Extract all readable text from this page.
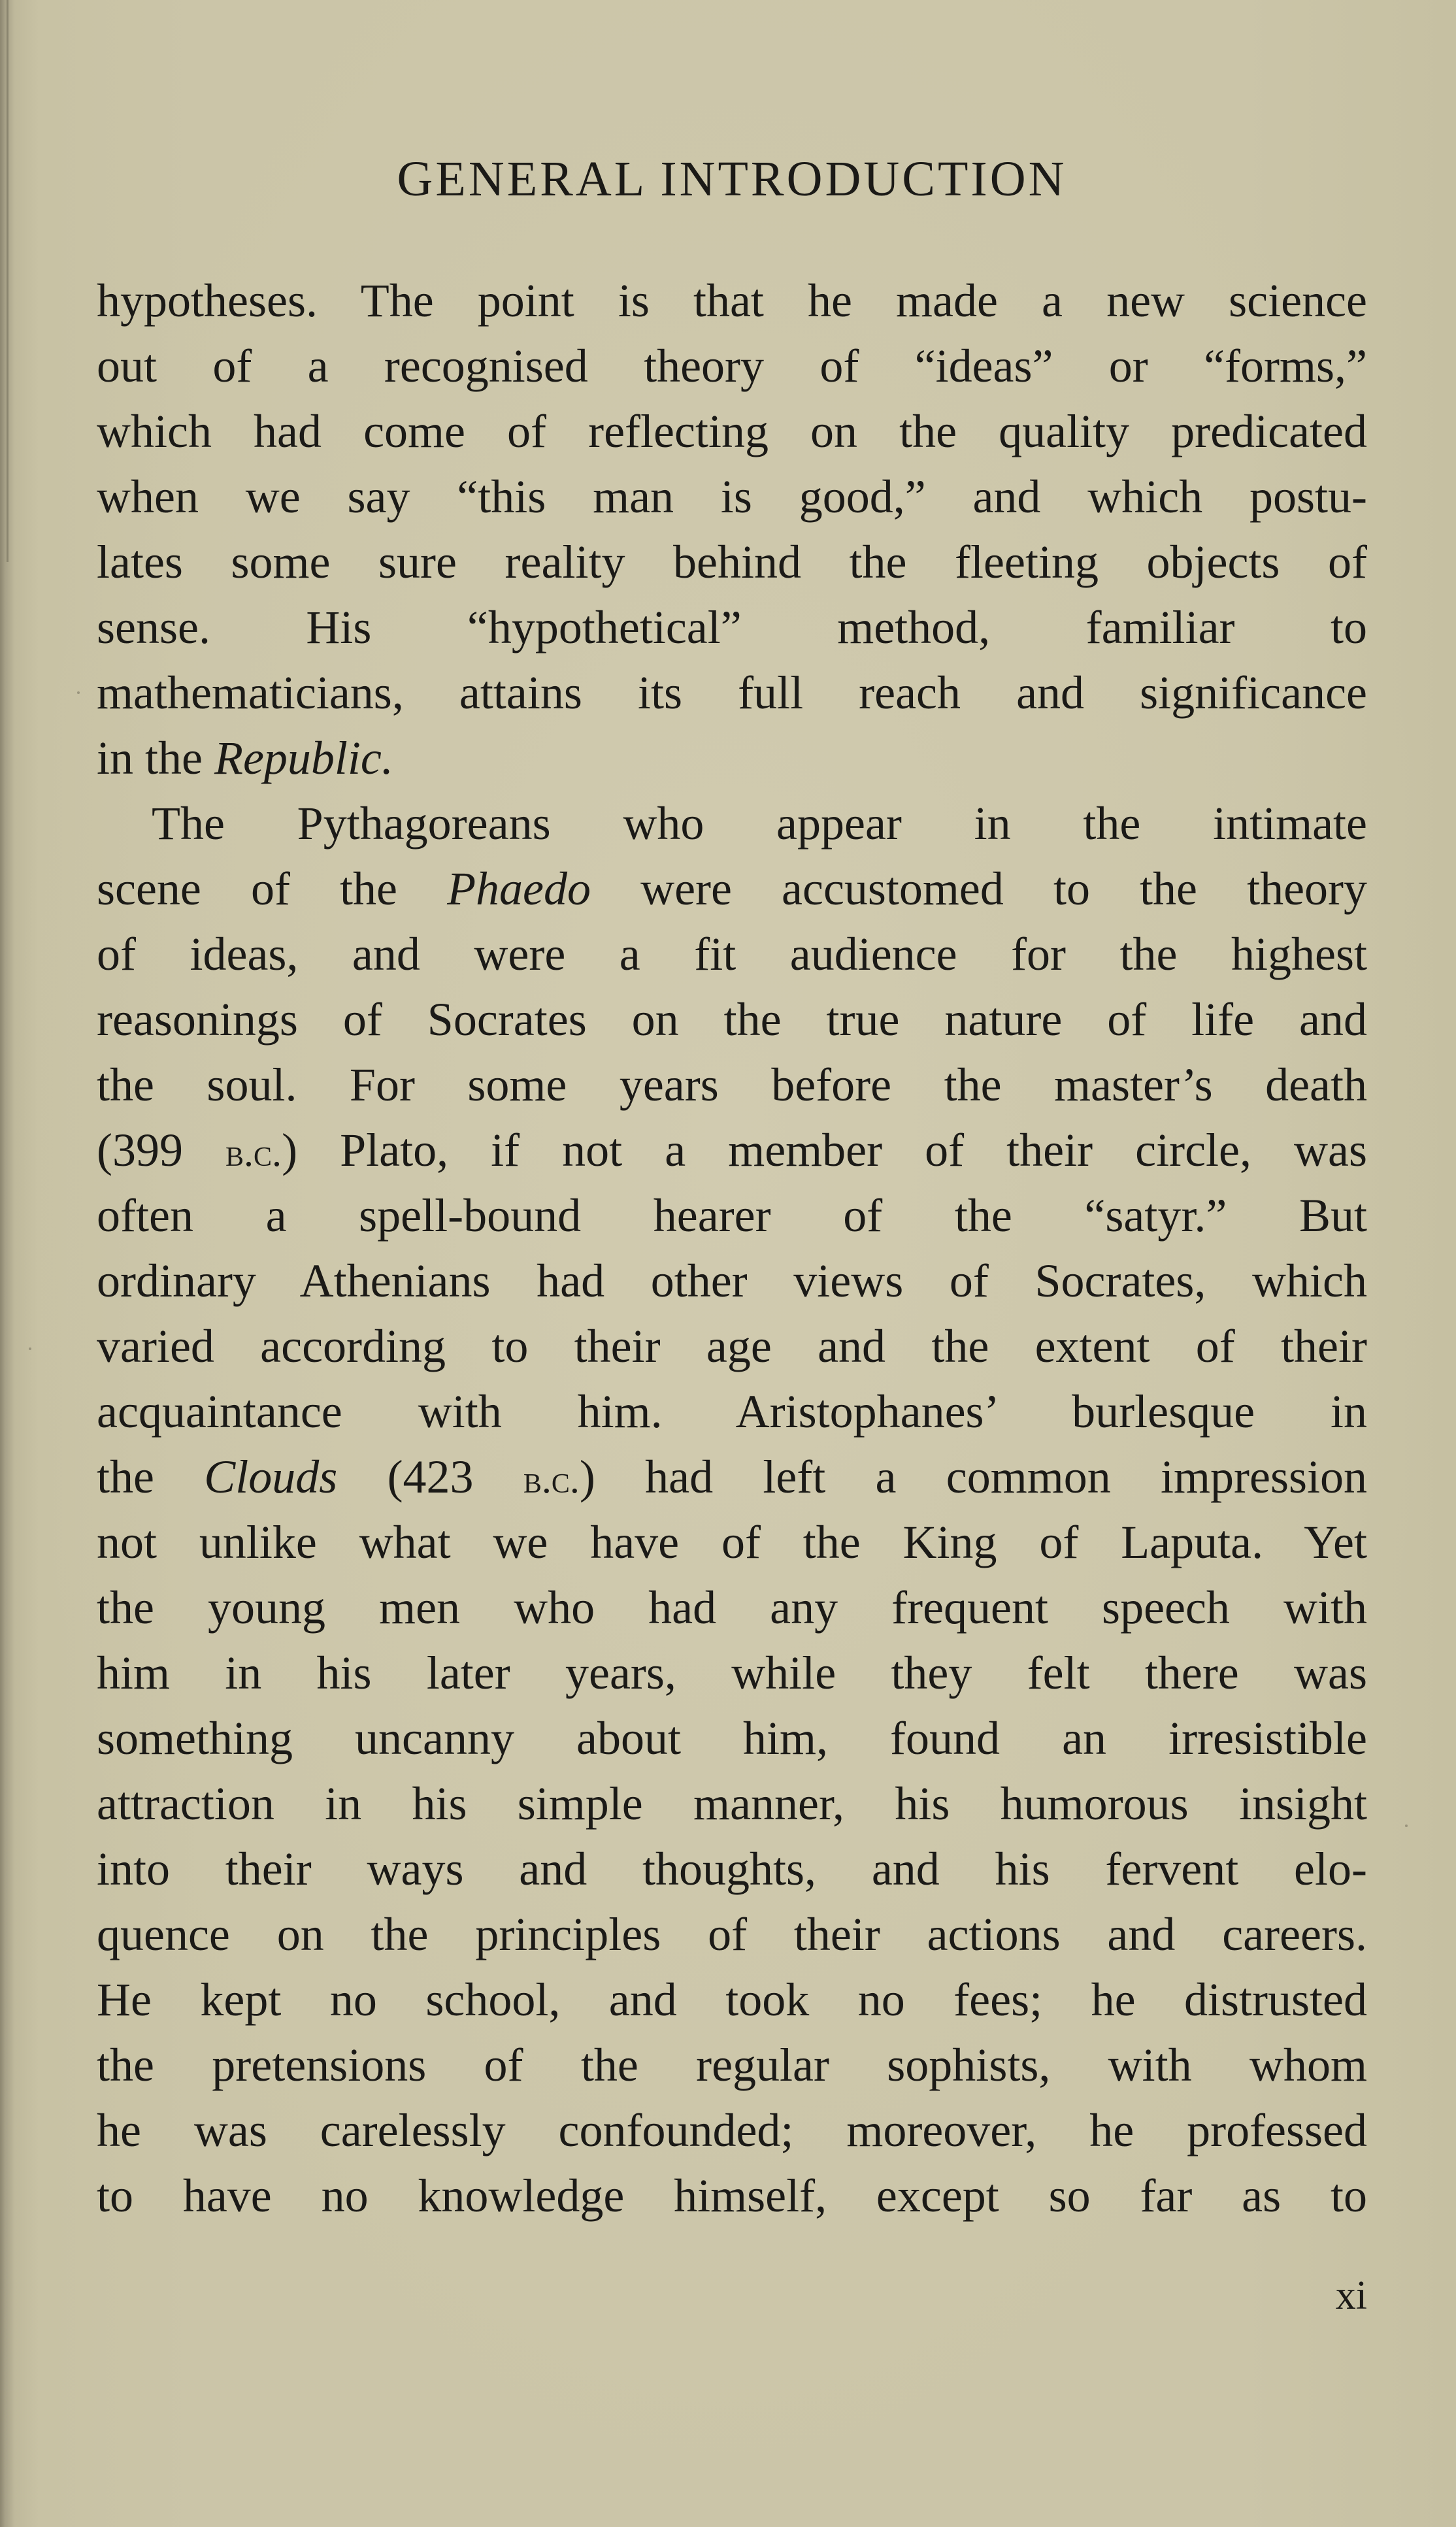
GENERAL INTRODUCTION
hypotheses. The point is that he made a new science
out of a recognised theory of “ideas” or “forms,”
which had come of reflecting on the quality predicated
when we say “this man is good,” and which postu-
lates some sure reality behind the fleeting objects of
sense. His “hypothetical” method, familiar to
mathematicians, attains its full reach and significance
in the Republic.
The Pythagoreans who appear in the intimate
scene of the Phaedo were accustomed to the theory
of ideas, and were a fit audience for the highest
reasonings of Socrates on the true nature of life and
the soul. For some years before the master’s death
(399 b.c.) Plato, if not a member of their circle, was
often a spell-bound hearer of the “satyr.” But
ordinary Athenians had other views of Socrates, which
varied according to their age and the extent of their
acquaintance with him. Aristophanes’ burlesque in
the Clouds (423 b.c.) had left a common impression
not unlike what we have of the King of Laputa. Yet
the young men who had any frequent speech with
him in his later years, while they felt there was
something uncanny about him, found an irresistible
attraction in his simple manner, his humorous insight
into their ways and thoughts, and his fervent elo-
quence on the principles of their actions and careers.
He kept no school, and took no fees; he distrusted
the pretensions of the regular sophists, with whom
he was carelessly confounded; moreover, he professed
to have no knowledge himself, except so far as to
xi
